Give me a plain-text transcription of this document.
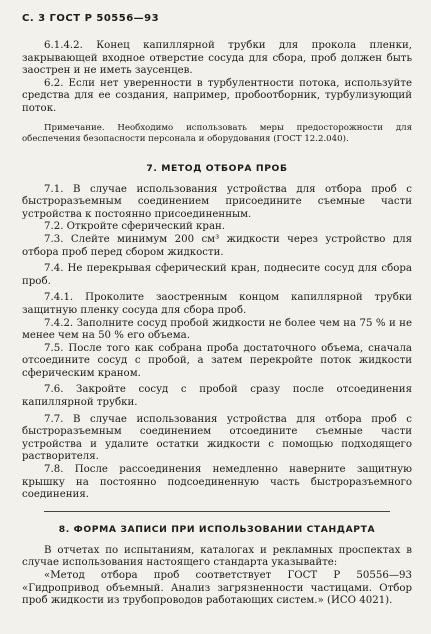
С. 3 ГОСТ Р 50556—93

6.1.4.2. Конец капиллярной трубки для прокола пленки, закрывающей входное отверстие сосуда для сбора, проб должен быть заострен и не иметь заусенцев.

6.2. Если нет уверенности в турбулентности потока, используйте средства для ее создания, например, пробоотборник, турбулизующий поток.

Примечание. Необходимо использовать меры предосторожности для обеспечения безопасности персонала и оборудования (ГОСТ 12.2.040).

7. МЕТОД ОТБОРА ПРОБ

7.1. В случае использования устройства для отбора проб с быстроразъемным соединением присоедините съемные части устройства к постоянно присоединенным.

7.2. Откройте сферический кран.

7.3. Слейте минимум 200 см³ жидкости через устройство для отбора проб перед сбором жидкости.

7.4. Не перекрывая сферический кран, поднесите сосуд для сбора проб.

7.4.1. Проколите заостренным концом капиллярной трубки защитную пленку сосуда для сбора проб.

7.4.2. Заполните сосуд пробой жидкости не более чем на 75 % и не менее чем на 50 % его объема.

7.5. После того как собрана проба достаточного объема, сначала отсоедините сосуд с пробой, а затем перекройте поток жидкости сферическим краном.

7.6. Закройте сосуд с пробой сразу после отсоединения капиллярной трубки.

7.7. В случае использования устройства для отбора проб с быстроразъемным соединением отсоедините съемные части устройства и удалите остатки жидкости с помощью подходящего растворителя.

7.8. После рассоединения немедленно наверните защитную крышку на постоянно подсоединенную часть быстроразъемного соединения.

8. ФОРМА ЗАПИСИ ПРИ ИСПОЛЬЗОВАНИИ СТАНДАРТА

В отчетах по испытаниям, каталогах и рекламных проспектах в случае использования настоящего стандарта указывайте:

«Метод отбора проб соответствует ГОСТ Р 50556—93 «Гидропривод объемный. Анализ загрязненности частицами. Отбор проб жидкости из трубопроводов работающих систем.» (ИСО 4021).
